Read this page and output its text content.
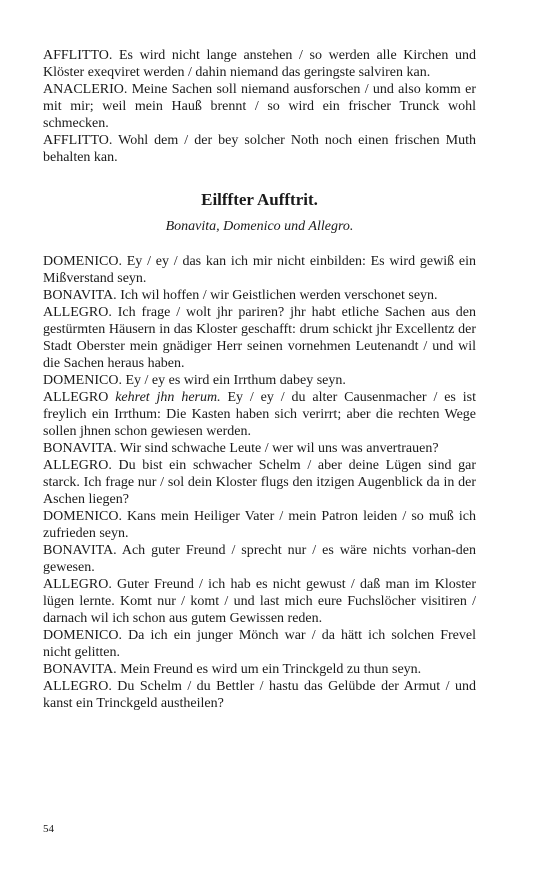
AFFLITTO. Es wird nicht lange anstehen / so werden alle Kirchen und Klöster exeqviret werden / dahin niemand das geringste salviren kan.

ANACLERIO. Meine Sachen soll niemand ausforschen / und also komm er mit mir; weil mein Hauß brennt / so wird ein frischer Trunck wohl schmecken.

AFFLITTO. Wohl dem / der bey solcher Noth noch einen frischen Muth behalten kan.

Eilffter Aufftrit.
Bonavita, Domenico und Allegro.

DOMENICO. Ey / ey / das kan ich mir nicht einbilden: Es wird gewiß ein Mißverstand seyn.

BONAVITA. Ich wil hoffen / wir Geistlichen werden verschonet seyn.

ALLEGRO. Ich frage / wolt jhr pariren? jhr habt etliche Sachen aus den gestürmten Häusern in das Kloster geschafft: drum schickt jhr Excellentz der Stadt Oberster mein gnädiger Herr seinen vornehmen Leutenandt / und wil die Sachen heraus haben.

DOMENICO. Ey / ey es wird ein Irrthum dabey seyn.

ALLEGRO kehret jhn herum. Ey / ey / du alter Causenmacher / es ist freylich ein Irrthum: Die Kasten haben sich verirrt; aber die rechten Wege sollen jhnen schon gewiesen werden.

BONAVITA. Wir sind schwache Leute / wer wil uns was anvertrauen?

ALLEGRO. Du bist ein schwacher Schelm / aber deine Lügen sind gar starck. Ich frage nur / sol dein Kloster flugs den itzigen Augenblick da in der Aschen liegen?

DOMENICO. Kans mein Heiliger Vater / mein Patron leiden / so muß ich zufrieden seyn.

BONAVITA. Ach guter Freund / sprecht nur / es wäre nichts vorhan-den gewesen.

ALLEGRO. Guter Freund / ich hab es nicht gewust / daß man im Kloster lügen lernte. Komt nur / komt / und last mich eure Fuchslöcher visitiren / darnach wil ich schon aus gutem Gewissen reden.

DOMENICO. Da ich ein junger Mönch war / da hätt ich solchen Frevel nicht gelitten.

BONAVITA. Mein Freund es wird um ein Trinckgeld zu thun seyn.

ALLEGRO. Du Schelm / du Bettler / hastu das Gelübde der Armut / und kanst ein Trinckgeld austheilen?

54
